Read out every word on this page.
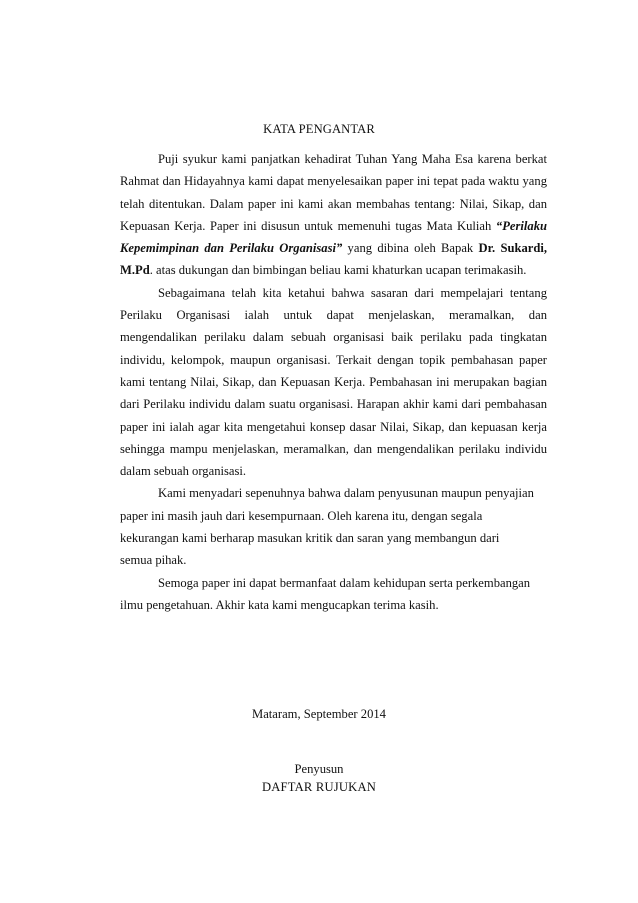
KATA PENGANTAR

Puji syukur kami panjatkan kehadirat Tuhan Yang Maha Esa karena berkat Rahmat dan Hidayahnya kami dapat menyelesaikan paper ini tepat pada waktu yang telah ditentukan. Dalam paper ini kami akan membahas tentang: Nilai, Sikap, dan Kepuasan Kerja. Paper ini disusun untuk memenuhi tugas Mata Kuliah “Perilaku Kepemimpinan dan Perilaku Organisasi” yang dibina oleh Bapak Dr. Sukardi, M.Pd. atas dukungan dan bimbingan beliau kami khaturkan ucapan terimakasih.

Sebagaimana telah kita ketahui bahwa sasaran dari mempelajari tentang Perilaku Organisasi ialah untuk dapat menjelaskan, meramalkan, dan mengendalikan perilaku dalam sebuah organisasi baik perilaku pada tingkatan individu, kelompok, maupun organisasi. Terkait dengan topik pembahasan paper kami tentang Nilai, Sikap, dan Kepuasan Kerja. Pembahasan ini merupakan bagian dari Perilaku individu dalam suatu organisasi. Harapan akhir kami dari pembahasan paper ini ialah agar kita mengetahui konsep dasar Nilai, Sikap, dan kepuasan kerja sehingga mampu menjelaskan, meramalkan, dan mengendalikan perilaku individu dalam sebuah organisasi.

Kami menyadari sepenuhnya bahwa dalam penyusunan maupun penyajian
paper ini masih jauh dari kesempurnaan. Oleh karena itu, dengan segala
kekurangan kami berharap masukan kritik dan saran yang membangun dari
semua pihak.

Semoga paper ini dapat bermanfaat dalam kehidupan serta perkembangan
ilmu pengetahuan. Akhir kata kami mengucapkan terima kasih.

Mataram, September 2014
Penyusun
DAFTAR RUJUKAN
